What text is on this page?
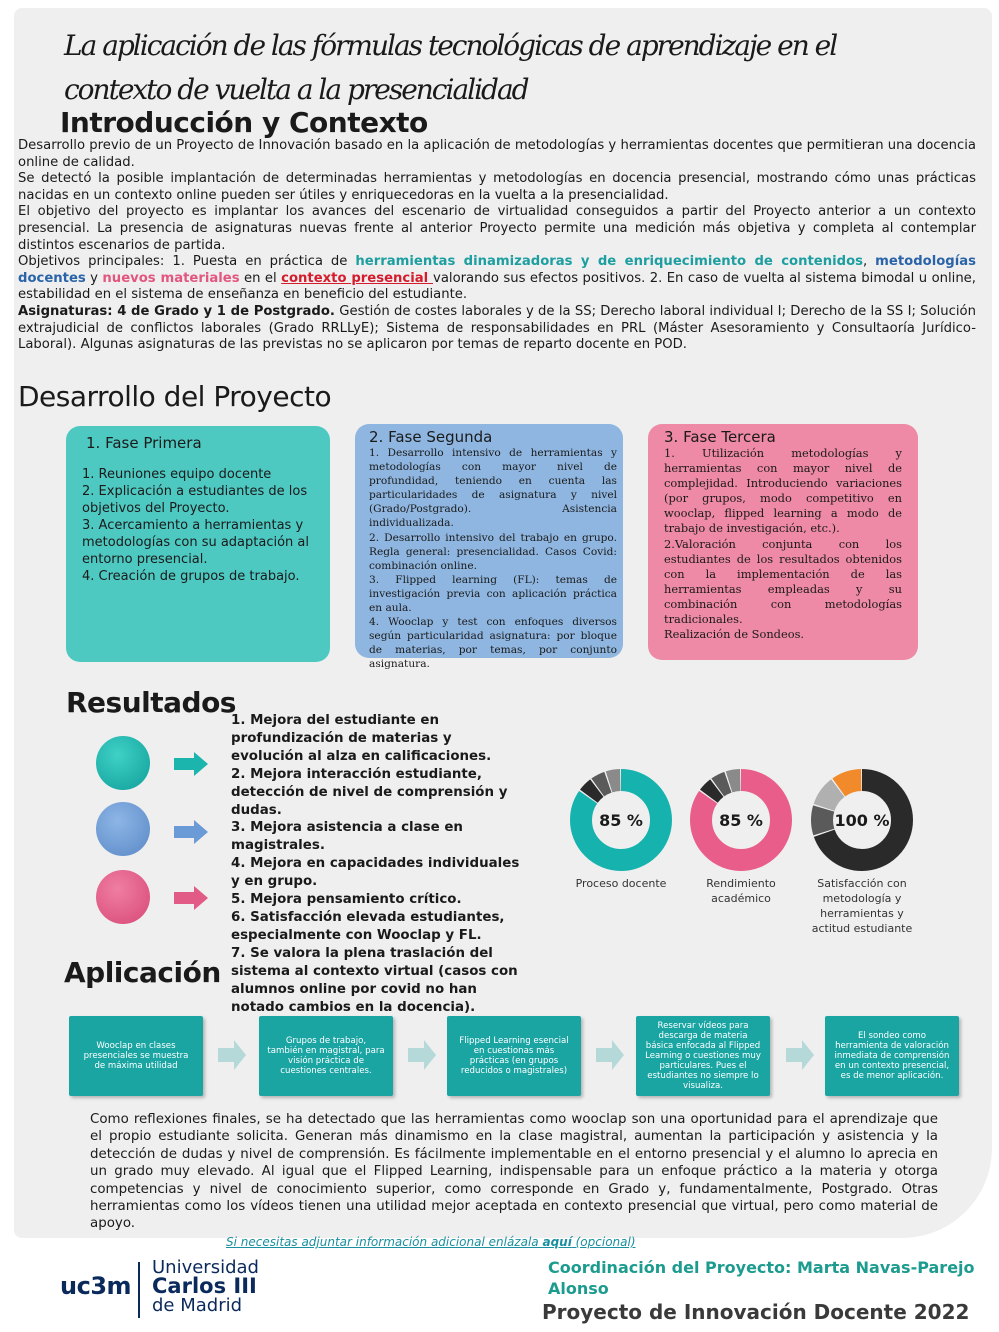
La aplicación de las fórmulas tecnológicas de aprendizaje en el contexto de vuelta a la presencialidad
Introducción y Contexto

Desarrollo previo de un Proyecto de Innovación basado en la aplicación de metodologías y herramientas docentes que permitieran una docencia online de calidad.

Se detectó la posible implantación de determinadas herramientas y metodologías en docencia presencial, mostrando cómo unas prácticas nacidas en un contexto online pueden ser útiles y enriquecedoras en la vuelta a la presencialidad.

El objetivo del proyecto es implantar los avances del escenario de virtualidad conseguidos a partir del Proyecto anterior a un contexto presencial. La presencia de asignaturas nuevas frente al anterior Proyecto permite una medición más objetiva y completa al contemplar distintos escenarios de partida.

Objetivos principales: 1. Puesta en práctica de herramientas dinamizadoras y de enriquecimiento de contenidos, metodologías docentes y nuevos materiales en el contexto presencial valorando sus efectos positivos. 2. En caso de vuelta al sistema bimodal u online, estabilidad en el sistema de enseñanza en beneficio del estudiante.

Asignaturas: 4 de Grado y 1 de Postgrado. Gestión de costes laborales y de la SS; Derecho laboral individual I; Derecho de la SS I; Solución extrajudicial de conflictos laborales (Grado RRLLyE); Sistema de responsabilidades en PRL (Máster Asesoramiento y Consultaoría Jurídico-Laboral). Algunas asignaturas de las previstas no se aplicaron por temas de reparto docente en POD.

Desarrollo del Proyecto
1. Fase Primera
1. Reuniones equipo docente
2. Explicación a estudiantes de los objetivos del Proyecto.
3. Acercamiento a herramientas y metodologías con su adaptación al entorno presencial.
4. Creación de grupos de trabajo.
2. Fase Segunda
1. Desarrollo intensivo de herramientas y metodologías con mayor nivel de profundidad, teniendo en cuenta las particularidades de asignatura y nivel (Grado/Postgrado). Asistencia individualizada.
2. Desarrollo intensivo del trabajo en grupo. Regla general: presencialidad. Casos Covid: combinación online.
3. Flipped learning (FL): temas de investigación previa con aplicación práctica en aula.
4. Wooclap y test con enfoques diversos según particularidad asignatura: por bloque de materias, por temas, por conjunto asignatura.
3. Fase Tercera
1. Utilización metodologías y herramientas con mayor nivel de complejidad. Introduciendo variaciones (por grupos, modo competitivo en wooclap, flipped learning a modo de trabajo de investigación, etc.).
2.Valoración conjunta con los estudiantes de los resultados obtenidos con la implementación de las herramientas empleadas y su combinación con metodologías tradicionales.
Realización de Sondeos.
Resultados
1. Mejora del estudiante en profundización de materias y evolución al alza en calificaciones.
2. Mejora interacción estudiante, detección de nivel de comprensión y dudas.
3. Mejora asistencia a clase en magistrales.
4. Mejora en capacidades individuales y en grupo.
5. Mejora pensamiento crítico.
6. Satisfacción elevada estudiantes, especialmente con Wooclap y FL.
7. Se valora la plena traslación del sistema al contexto virtual (casos con alumnos online por covid no han notado cambios en la docencia).
85 %
Proceso docente
85 %
Rendimiento académico
100 %
Satisfacción con metodología y herramientas y actitud estudiante
Aplicación
Wooclap en clases presenciales se muestra de máxima utilidad
Grupos de trabajo, también en magistral, para visión práctica de cuestiones centrales.
Flipped Learning esencial en cuestionas más prácticas (en grupos reducidos o magistrales)
Reservar vídeos para descarga de materia básica enfocada al Flipped Learning o cuestiones muy particulares. Pues el estudiantes no siempre lo visualiza.
El sondeo como herramienta de valoración inmediata de comprensión en un contexto presencial, es de menor aplicación.
Como reflexiones finales, se ha detectado que las herramientas como wooclap son una oportunidad para el aprendizaje que el propio estudiante solicita. Generan más dinamismo en la clase magistral, aumentan la participación y asistencia y la detección de dudas y nivel de comprensión. Es fácilmente implementable en el entorno presencial y el alumno lo aprecia en un grado muy elevado. Al igual que el Flipped Learning, indispensable para un enfoque práctico a la materia y otorga competencias y nivel de conocimiento superior, como corresponde en Grado y, fundamentalmente, Postgrado. Otras herramientas como los vídeos tienen una utilidad mejor aceptada en contexto presencial que virtual, pero como material de apoyo.
Si necesitas adjuntar información adicional enlázala aquí (opcional)
uc3m
Universidad
Carlos III
de Madrid
Coordinación del Proyecto: Marta Navas-Parejo Alonso
Proyecto de Innovación Docente 2022
